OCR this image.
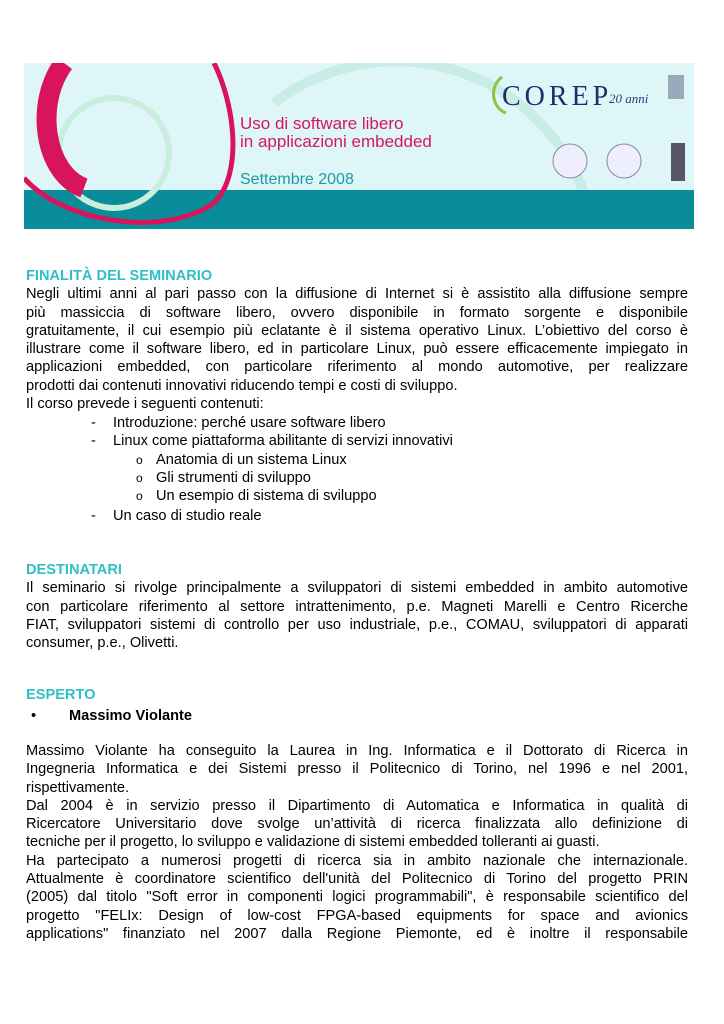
Uso di software libero
in applicazioni embedded
Settembre 2008
COREP
20 anni
FINALITÀ DEL SEMINARIO
Negli ultimi anni al pari passo con la diffusione di Internet si è assistito alla diffusione sempre
più massiccia di software libero, ovvero disponibile in formato sorgente e disponibile
gratuitamente, il cui esempio più eclatante è il sistema operativo Linux. L’obiettivo del corso è
illustrare come il software libero, ed in particolare Linux, può essere efficacemente impiegato in
applicazioni embedded, con particolare riferimento al mondo automotive, per realizzare
prodotti dai contenuti innovativi riducendo tempi e costi di sviluppo.
Il corso prevede i seguenti contenuti:
- Introduzione: perché usare software libero
- Linux come piattaforma abilitante di servizi innovativi
o Anatomia di un sistema Linux
o Gli strumenti di sviluppo
o Un esempio di sistema di sviluppo
- Un caso di studio reale
DESTINATARI
Il seminario si rivolge principalmente a sviluppatori di sistemi embedded in ambito automotive
con particolare riferimento al settore intrattenimento, p.e. Magneti Marelli e Centro Ricerche
FIAT, sviluppatori sistemi di controllo per uso industriale, p.e., COMAU, sviluppatori di apparati
consumer, p.e., Olivetti.
ESPERTO
• Massimo Violante
Massimo Violante ha conseguito la Laurea in Ing. Informatica e il Dottorato di Ricerca in
Ingegneria Informatica e dei Sistemi presso il Politecnico di Torino, nel 1996 e nel 2001,
rispettivamente.
Dal 2004 è in servizio presso il Dipartimento di Automatica e Informatica in qualità di
Ricercatore Universitario dove svolge un’attività di ricerca finalizzata allo definizione di
tecniche per il progetto, lo sviluppo e validazione di sistemi embedded tolleranti ai guasti.
Ha partecipato a numerosi progetti di ricerca sia in ambito nazionale che internazionale.
Attualmente è coordinatore scientifico dell'unità del Politecnico di Torino del progetto PRIN
(2005) dal titolo "Soft error in componenti logici programmabili", è responsabile scientifico del
progetto "FELIx: Design of low-cost FPGA-based equipments for space and avionics
applications" finanziato nel 2007 dalla Regione Piemonte, ed è inoltre il responsabile
